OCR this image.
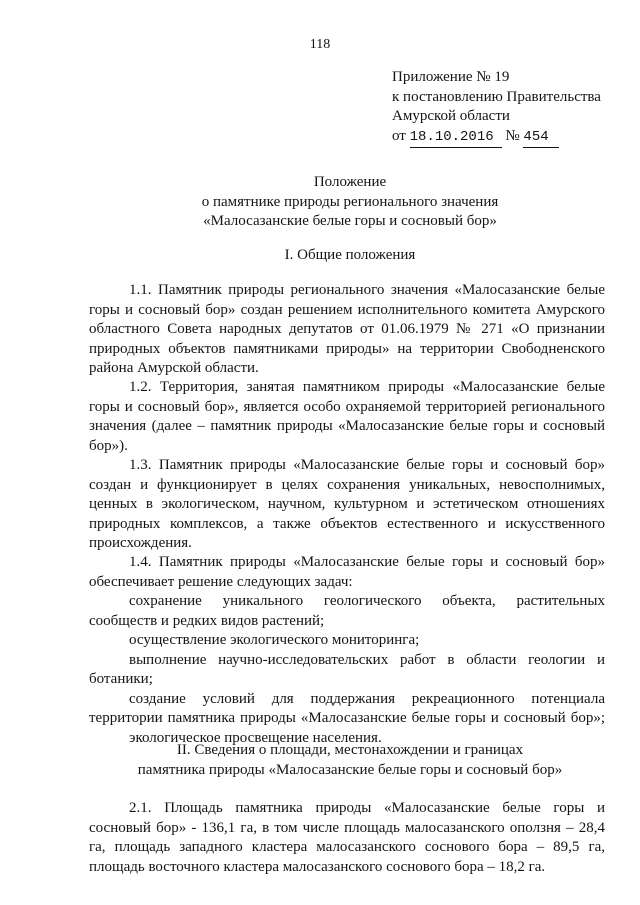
118
Приложение № 19
к постановлению Правительства
Амурской области
от 18.10.2016 № 454
Положение
о памятнике природы регионального значения
«Малосазанские белые горы и сосновый бор»
I. Общие положения
1.1. Памятник природы регионального значения «Малосазанские белые
горы и сосновый бор» создан решением исполнительного комитета Амурского
областного Совета народных депутатов от 01.06.1979 № 271 «О признании
природных объектов памятниками природы» на территории Свободненского
района Амурской области.
1.2. Территория, занятая памятником природы «Малосазанские белые
горы и сосновый бор», является особо охраняемой территорией регионального
значения (далее – памятник природы «Малосазанские белые горы и сосновый
бор»).
1.3. Памятник природы «Малосазанские белые горы и сосновый бор»
создан и функционирует в целях сохранения уникальных, невосполнимых,
ценных в экологическом, научном, культурном и эстетическом отношениях
природных комплексов, а также объектов естественного и искусственного
происхождения.
1.4. Памятник природы «Малосазанские белые горы и сосновый бор»
обеспечивает решение следующих задач:
сохранение уникального геологического объекта, растительных
сообществ и редких видов растений;
осуществление экологического мониторинга;
выполнение научно-исследовательских работ в области геологии и
ботаники;
создание условий для поддержания рекреационного потенциала
территории памятника природы «Малосазанские белые горы и сосновый бор»;
экологическое просвещение населения.
II. Сведения о площади, местонахождении и границах
памятника природы «Малосазанские белые горы и сосновый бор»
2.1. Площадь памятника природы «Малосазанские белые горы и
сосновый бор» - 136,1 га, в том числе площадь малосазанского оползня – 28,4
га, площадь западного кластера малосазанского соснового бора – 89,5 га,
площадь восточного кластера малосазанского соснового бора – 18,2 га.
